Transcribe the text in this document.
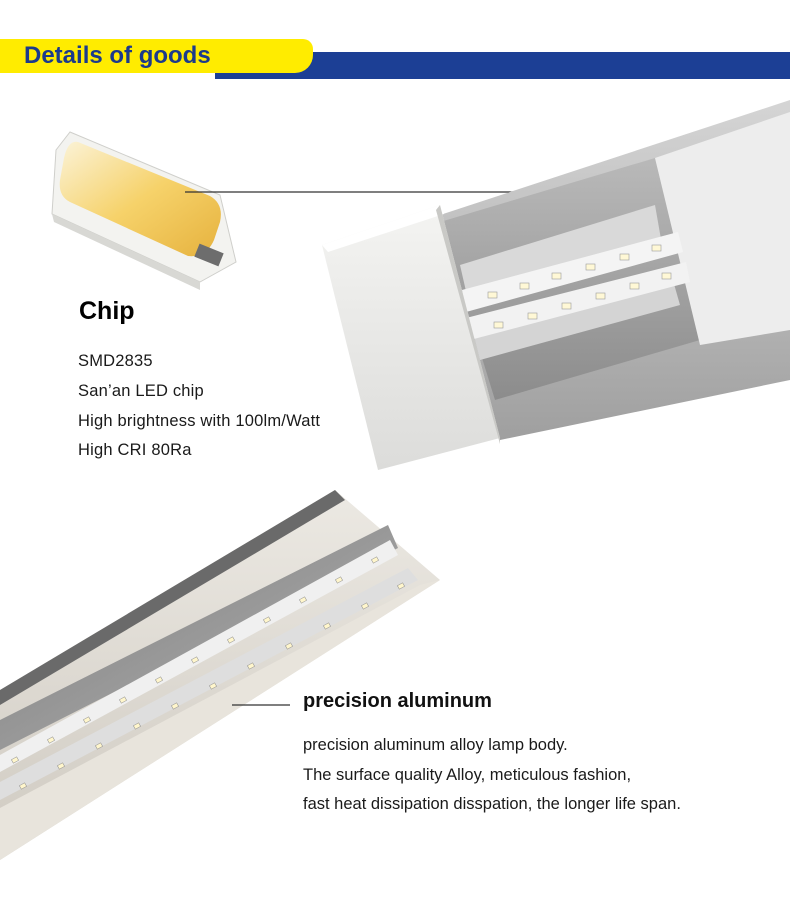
Details of goods
Chip
SMD2835
San’an LED chip
High brightness with 100lm/Watt
High CRI 80Ra
precision aluminum
precision aluminum alloy lamp body.
The surface quality Alloy, meticulous fashion,
fast heat dissipation disspation, the longer life span.
